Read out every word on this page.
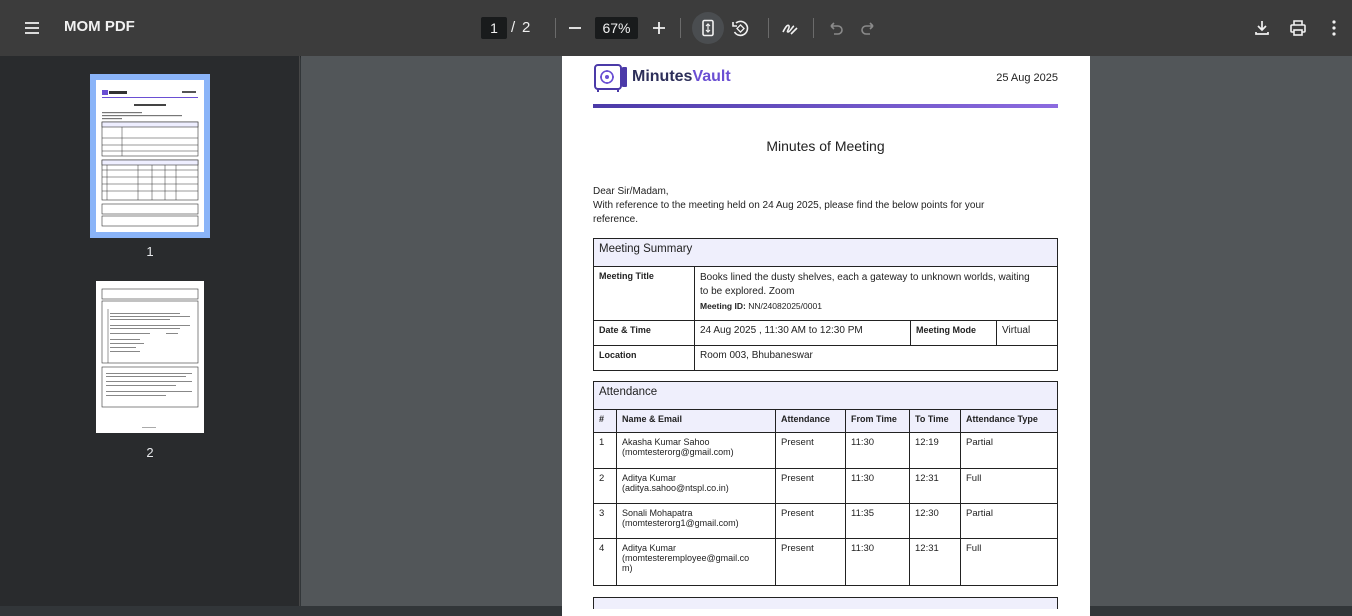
MOM PDF	1 / 2	67%
1
2
MinutesVault	25 Aug 2025
Minutes of Meeting
Dear Sir/Madam,
With reference to the meeting held on 24 Aug 2025, please find the below points for your
reference.
Meeting Summary			
Meeting Title	Books lined the dusty shelves, each a gateway to unknown worlds, waiting
to be explored. Zoom
Meeting ID: NN/24082025/0001		

Date & Time	24 Aug 2025 , 11:30 AM to 12:30 PM	Meeting Mode	Virtual
Location	Room 003, Bhubaneswar		
Attendance					
#	Name & Email	Attendance	From Time	To Time	Attendance Type
1	Akasha Kumar Sahoo
(momtesterorg@gmail.com)	Present	11:30	12:19	Partial
2	Aditya Kumar
(aditya.sahoo@ntspl.co.in)	Present	11:30	12:31	Full
3	Sonali Mohapatra
(momtesterorg1@gmail.com)	Present	11:35	12:30	Partial
4	Aditya Kumar
(momtesteremployee@gmail.co
m)	Present	11:30	12:31	Full
